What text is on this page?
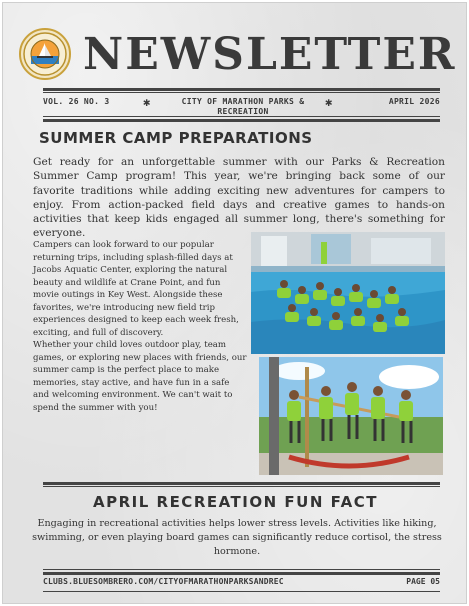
NEWSLETTER
VOL. 26 NO. 3	✱	CITY OF MARATHON PARKS & RECREATION
✱	APRIL 2026
SUMMER CAMP PREPARATIONS

Get ready for an unforgettable summer with our Parks & Recreation Summer Camp program! This year, we're bringing back some of our favorite traditions while adding exciting new adventures for campers to enjoy. From action-packed field days and creative games to hands-on activities that keep kids engaged all summer long, there's something for everyone.

Campers can look forward to our popular returning trips, including splash-filled days at Jacobs Aquatic Center, exploring the natural beauty and wildlife at Crane Point, and fun movie outings in Key West. Alongside these favorites, we're introducing new field trip experiences designed to keep each week fresh, exciting, and full of discovery.

Whether your child loves outdoor play, team games, or exploring new places with friends, our summer camp is the perfect place to make memories, stay active, and have fun in a safe and welcoming environment. We can't wait to spend the summer with you!

APRIL RECREATION FUN FACT

Engaging in recreational activities helps lower stress levels. Activities like hiking, swimming, or even playing board games can significantly reduce cortisol, the stress hormone.

CLUBS.BLUESOMBRERO.COM/CITYOFMARATHONPARKSANDREC	PAGE 05
